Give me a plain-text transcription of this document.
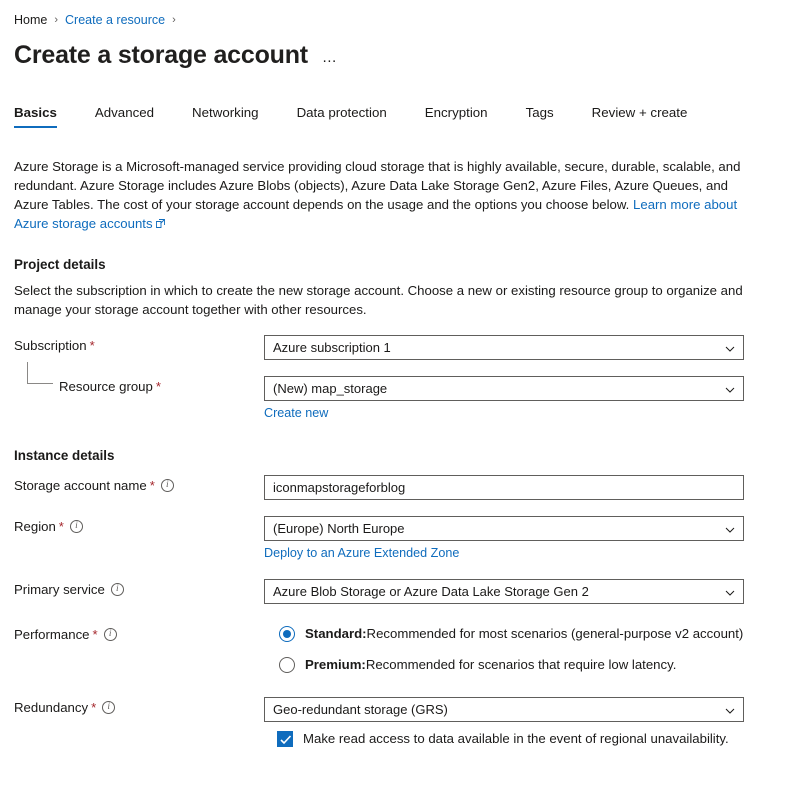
Home › Create a resource ›
Create a storage account …
Basics	Advanced	Networking	Data protection	Encryption	Tags	Review + create
Azure Storage is a Microsoft-managed service providing cloud storage that is highly available, secure, durable, scalable, and redundant. Azure Storage includes Azure Blobs (objects), Azure Data Lake Storage Gen2, Azure Files, Azure Queues, and Azure Tables. The cost of your storage account depends on the usage and the options you choose below. Learn more about Azure storage accounts
Project details
Select the subscription in which to create the new storage account. Choose a new or existing resource group to organize and manage your storage account together with other resources.
Subscription *	Azure subscription 1
Resource group *	(New) map_storage
Create new
Instance details
Storage account name *	i	iconmapstorageforblog
Region *	i	(Europe) North Europe
Deploy to an Azure Extended Zone
Primary service	i	Azure Blob Storage or Azure Data Lake Storage Gen 2
Performance *	i	Standard: Recommended for most scenarios (general-purpose v2 account)
Premium: Recommended for scenarios that require low latency.
Redundancy *	i	Geo-redundant storage (GRS)
Make read access to data available in the event of regional unavailability.
